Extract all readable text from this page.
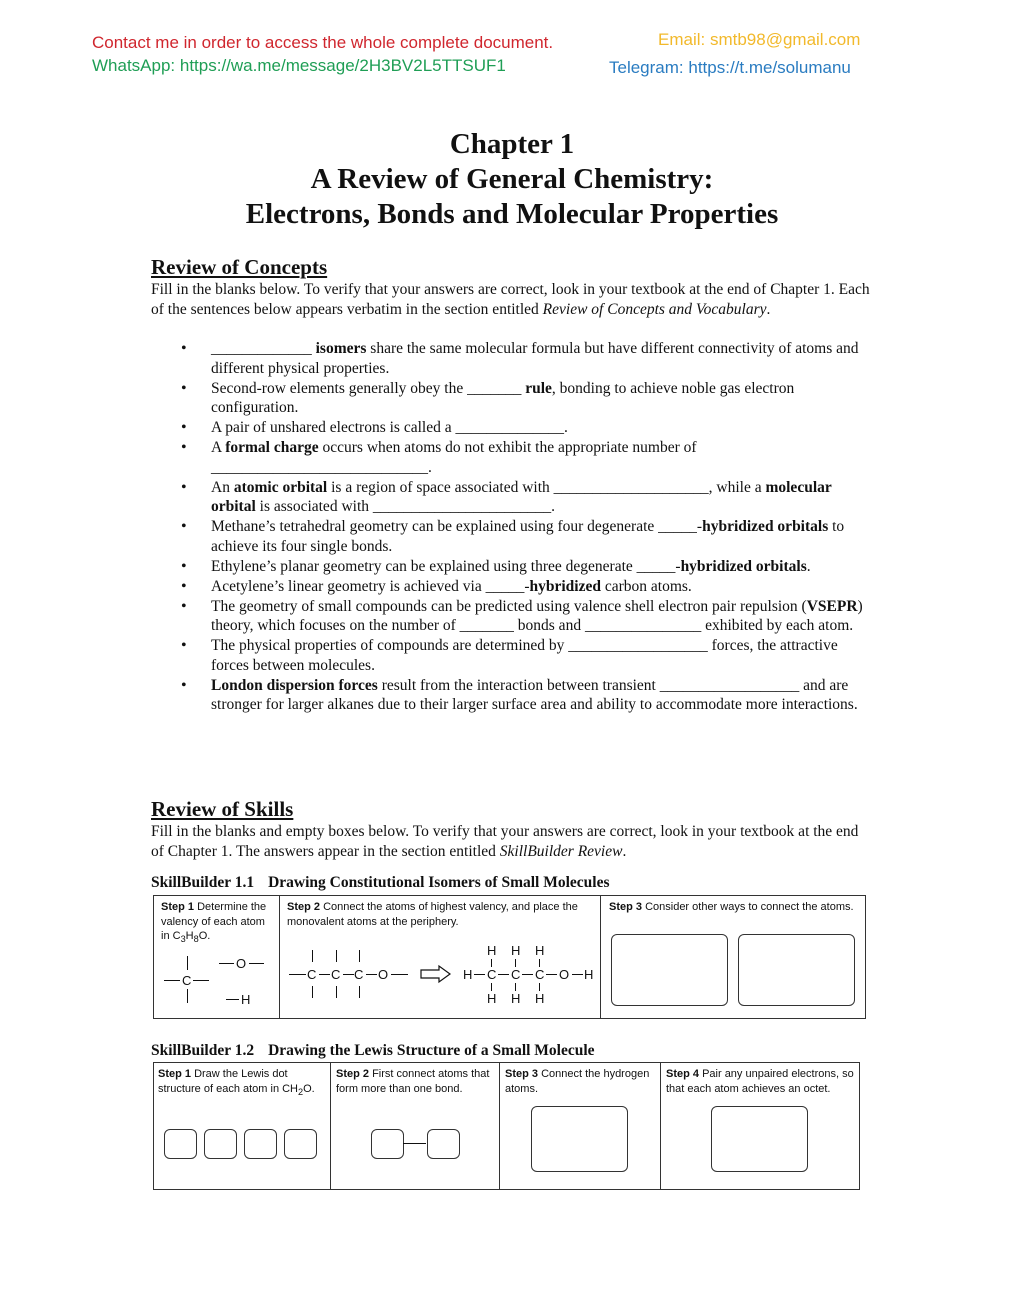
Contact me in order to access the whole complete document.	Email: smtb98@gmail.com
WhatsApp: https://wa.me/message/2H3BV2L5TTSUF1	Telegram: https://t.me/solumanu
Chapter 1
A Review of General Chemistry:
Electrons, Bonds and Molecular Properties

Review of Concepts

Fill in the blanks below. To verify that your answers are correct, look in your textbook at the end of Chapter 1. Each of the sentences below appears verbatim in the section entitled Review of Concepts and Vocabulary.

• _____________ isomers share the same molecular formula but have different connectivity of atoms and different physical properties.
• Second-row elements generally obey the _______ rule, bonding to achieve noble gas electron configuration.
• A pair of unshared electrons is called a ______________.
• A formal charge occurs when atoms do not exhibit the appropriate number of ____________________________.
• An atomic orbital is a region of space associated with ____________________, while a molecular orbital is associated with _______________________.
• Methane’s tetrahedral geometry can be explained using four degenerate _____-hybridized orbitals to achieve its four single bonds.
• Ethylene’s planar geometry can be explained using three degenerate _____-hybridized orbitals.
• Acetylene’s linear geometry is achieved via _____-hybridized carbon atoms.
• The geometry of small compounds can be predicted using valence shell electron pair repulsion (VSEPR) theory, which focuses on the number of _______ bonds and _______________ exhibited by each atom.
• The physical properties of compounds are determined by __________________ forces, the attractive forces between molecules.
• London dispersion forces result from the interaction between transient __________________ and are stronger for larger alkanes due to their larger surface area and ability to accommodate more interactions.

Review of Skills

Fill in the blanks and empty boxes below. To verify that your answers are correct, look in your textbook at the end of Chapter 1. The answers appear in the section entitled SkillBuilder Review.

SkillBuilder 1.1 Drawing Constitutional Isomers of Small Molecules
Step 1 Determine the valency of each atom in $C_3H_8O$.
Step 2 Connect the atoms of highest valency, and place the monovalent atoms at the periphery.
Step 3 Consider other ways to connect the atoms.
C
O
H
C C C O
H H H
H C C C O H
H H H
SkillBuilder 1.2 Drawing the Lewis Structure of a Small Molecule
Step 1 Draw the Lewis dot structure of each atom in $CH_2O$.
Step 2 First connect atoms that form more than one bond.
Step 3 Connect the hydrogen atoms.
Step 4 Pair any unpaired electrons, so that each atom achieves an octet.
